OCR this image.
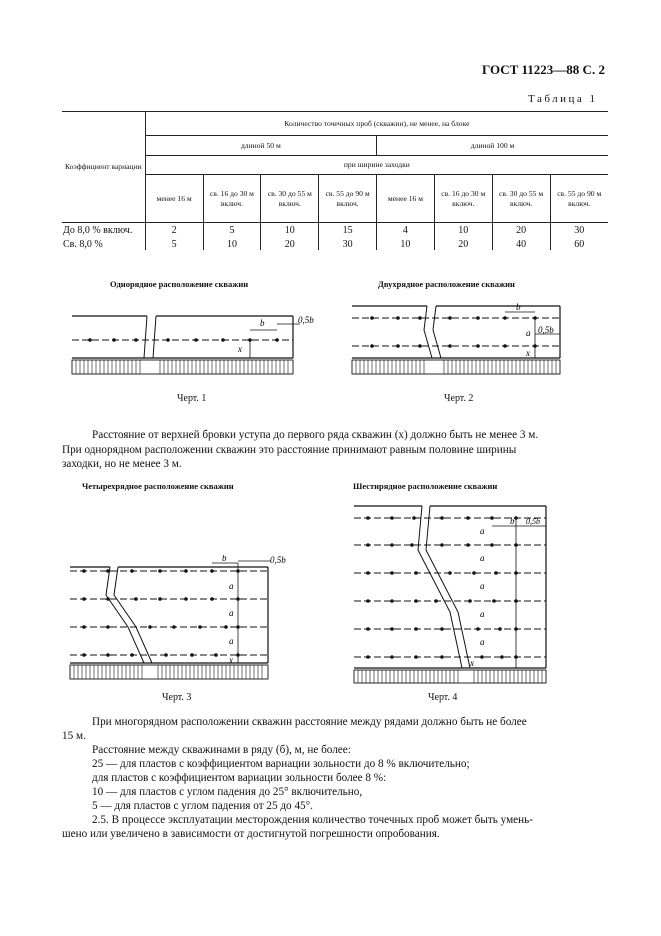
ГОСТ 11223—88 С. 2
Таблица 1
Коэффициент вариации	Количество точечных проб (скважин), не менее, на блоке							
	длиной 50 м				длиной 100 м			
	при ширине заходки							
	менее 16 м	св. 16 до 30 м включ.	св. 30 до 55 м включ.	св. 55 до 90 м включ.	менее 16 м	св. 16 до 30 м включ.	св. 30 до 55 м включ.	св. 55 до 90 м включ.
До 8,0 % включ.	2	5	10	15	4	10	20	30
Св. 8,0 %	5	10	20	30	10	20	40	60
Однорядное расположение скважин	Двухрядное расположение скважин
Четырехрядное расположение скважин	Шестирядное расположение скважин
Черт. 1	Черт. 2
Черт. 3	Черт. 4
b	0,5b
x
b
0,5b
a
x
b	0,5b
a
a
a
x
b 0,5b
a
a
a
a
a
x
Расстояние от верхней бровки уступа до первого ряда скважин (x) должно быть не менее 3 м.
При однорядном расположении скважин это расстояние принимают равным половине ширины
заходки, но не менее 3 м.
При многорядном расположении скважин расстояние между рядами должно быть не более
15 м.
Расстояние между скважинами в ряду (б), м, не более:
25 — для пластов с коэффициентом вариации зольности до 8 % включительно;
для пластов с коэффициентом вариации зольности более 8 %:
10 — для пластов с углом падения до 25° включительно,
5 — для пластов с углом падения от 25 до 45°.
2.5. В процессе эксплуатации месторождения количество точечных проб может быть умень-
шено или увеличено в зависимости от достигнутой погрешности опробования.
